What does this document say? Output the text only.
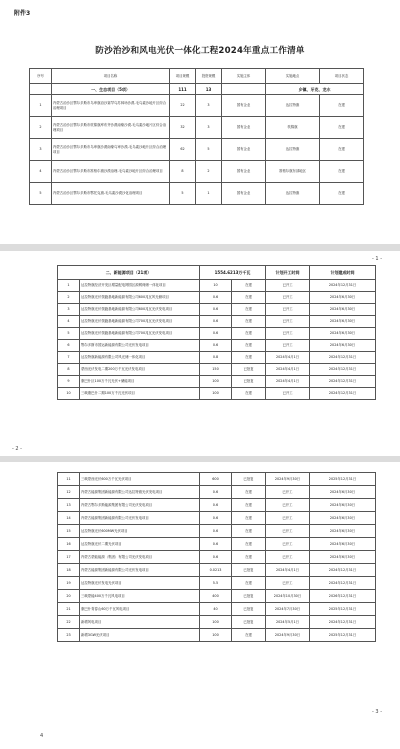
附件3
防沙治沙和风电光伏一体化工程2024年重点工作清单
序号	项目名称	项目规模	投资规模	实施主体	实施地点	项目状态
	一、生态项目（5项）	111	13		乡镇、牙克、龙水	
1	内蒙古治沙区鄂尔多斯市乌审旗治沙赛罕乌苏林场沙漠-毛乌素沙地片区综合治理项目	22	3	国有企业	达拉特旗	在建
2	内蒙古治沙区鄂尔多斯市杭锦旗库布齐沙漠南缘沙漠-毛乌素沙地片区综合治理项目	32	3	国有企业	杭锦旗	在建
3	内蒙古治沙区鄂尔多斯市乌审旗沙漠南缘乌审沙漠-毛乌素沙地片区综合治理项目	62	5	国有企业	达拉特旗	在建
4	内蒙古治沙区鄂尔多斯市准格尔旗沙漠治理-毛乌素沙地片区综合治理项目	8	2	国有企业	准格尔旗东部地区	在建
5	内蒙古治沙区鄂尔多斯市鄂托克旗-毛乌素沙漠沙化治理项目	5	1	国有企业	达拉特旗	在建
- 1 -
二、新能源项目（21项）		1554.6213万千瓦		计划开工时间	计划建成时间
1	达拉特旗经济开发区增量配电网园区源网荷储一体化项目	10	在建	已开工	2024年12月31日
2	达拉特旗光伏领跑基地新能源有限公司600兆瓦风光储项目	0.6	在建	已开工	2024年6月30日
3	达拉特旗光伏领跑基地新能源有限公司600兆瓦光伏发电项目	0.6	在建	已开工	2024年6月30日
4	达拉特旗光伏领跑基地新能源有限公司700兆瓦光伏发电项目	0.6	在建	已开工	2024年6月30日
5	达拉特旗光伏领跑基地新能源有限公司700兆瓦光伏发电项目	0.6	在建	已开工	2024年6月30日
6	鄂尔多斯市国运新能源有限公司光伏发电项目	0.6	在建	已开工	2024年6月30日
7	达拉特旗新能源有限公司风光储一体化项目	0.8	在建	2024年4月1日	2024年12月31日
8	蒙西光伏发电二期200万千瓦光伏发电项目	150	已批复	2024年4月1日	2024年12月31日
9	康巴什区100万千瓦光伏+储能项目	100	已批复	2024年4月1日	2024年12月31日
10	三峡康巴什二期100万千瓦光伏项目	100	在建	已开工	2024年12月31日
- 2 -
11	三峡蒙西光伏600万千瓦光伏项目	600	已批复	2024年9月30日	2025年12月31日
12	内蒙古能源集团新能源有限公司达拉特旗光伏发电项目	0.6	在建	已开工	2024年6月30日
13	内蒙古鄂尔多斯能源集团有限公司光伏发电项目	0.6	在建	已开工	2024年6月30日
14	内蒙古能源集团新能源有限公司光伏发电项目	0.6	在建	已开工	2024年6月30日
15	达拉特旗光伏600MW光伏项目	0.6	在建	已开工	2024年6月30日
16	达拉特旗光伏二期光伏项目	0.6	在建	已开工	2024年6月30日
17	内蒙古蒙能能源（集团）有限公司光伏发电项目	0.6	在建	已开工	2024年6月30日
18	内蒙古能源集团新能源有限公司光伏发电项目	0.0213	已批复	2024年4月1日	2024年12月31日
19	达拉特旗光伏发电光伏项目	5.5	在建	已开工	2024年12月31日
20	三峡蒙能400万千瓦风电项目	400	已批复	2024年10月30日	2026年12月31日
21	康巴什青春山60万千瓦风电项目	40	已批复	2024年7月30日	2025年12月31日
22	新增风电项目	100	已批复	2024年5月1日	2024年12月31日
23	新增3GW光伏项目	100	在建	2024年9月30日	2025年12月31日
- 3 -
4
